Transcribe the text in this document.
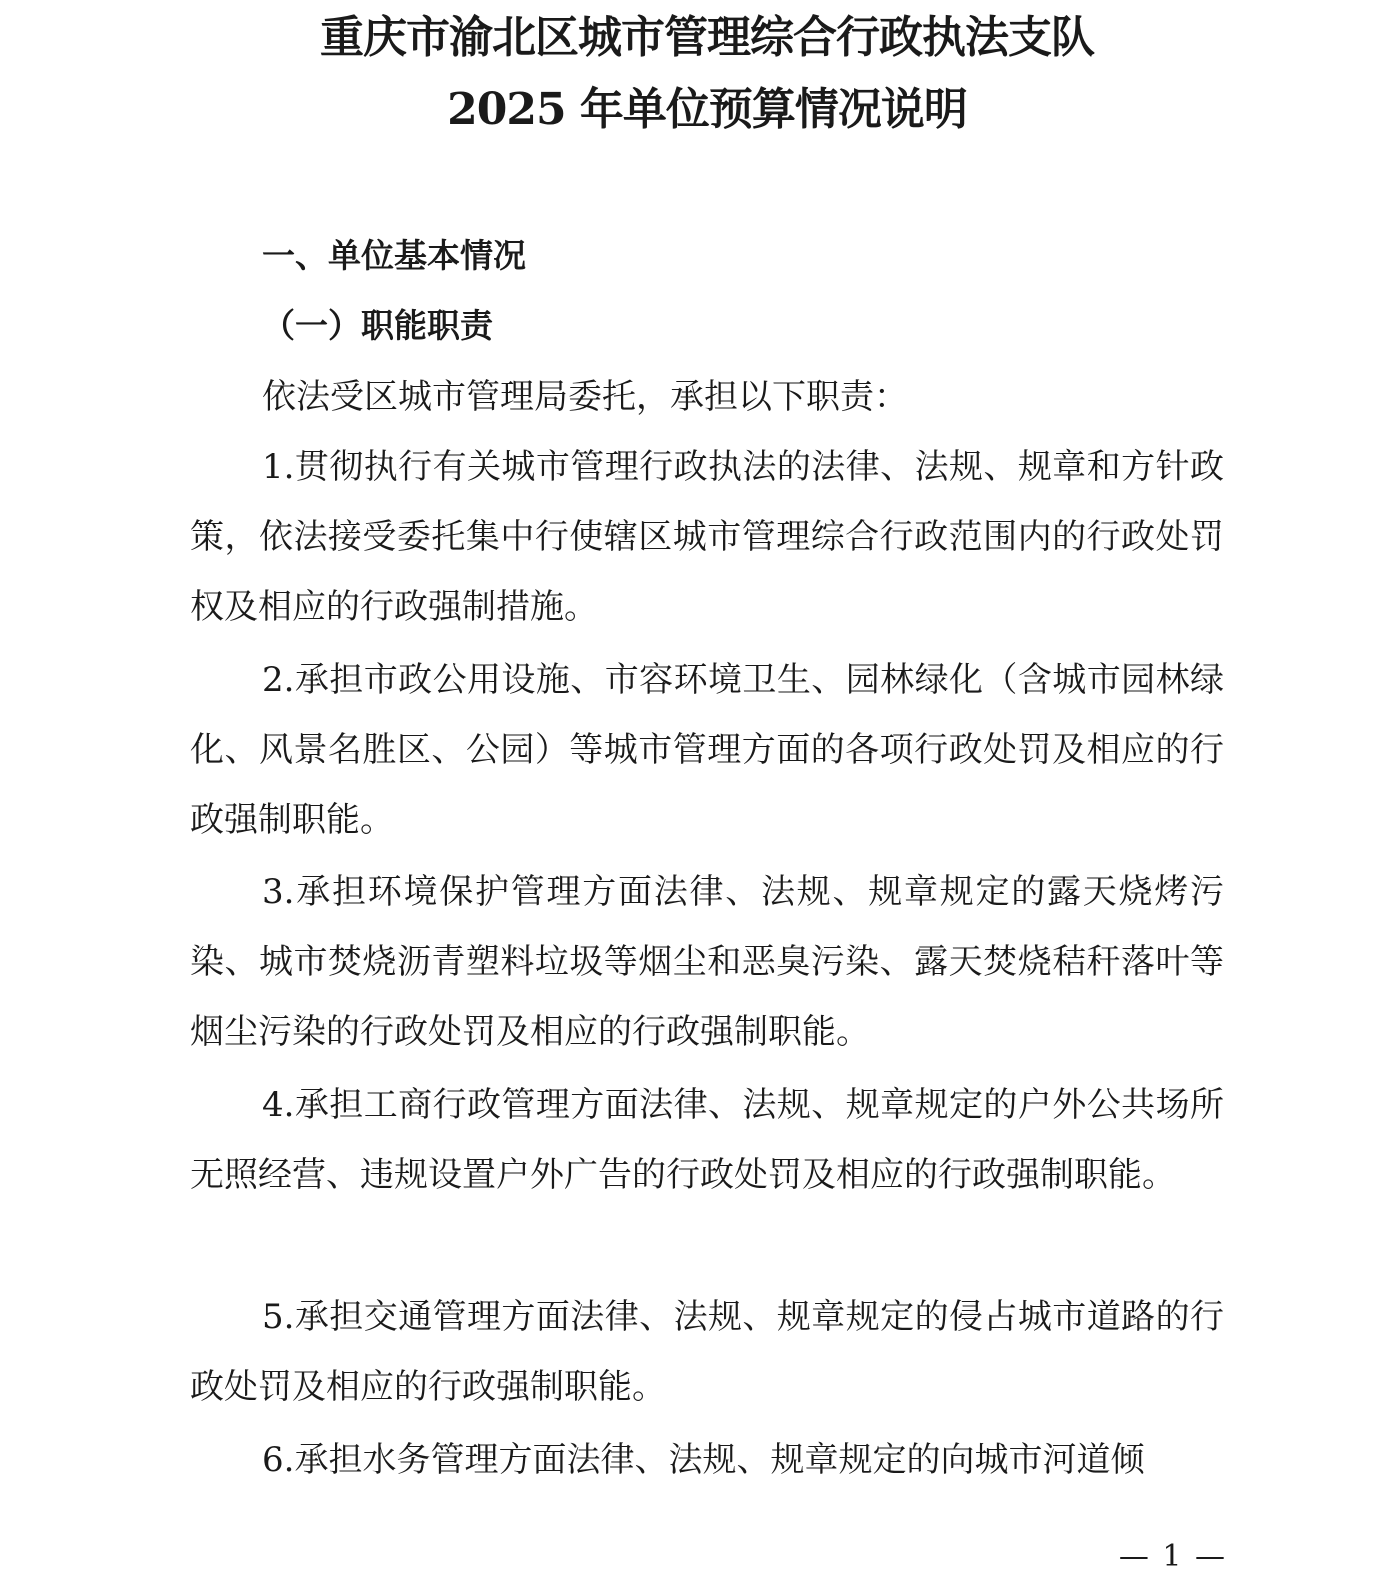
重庆市渝北区城市管理综合行政执法支队
2025 年单位预算情况说明
一、单位基本情况
（一）职能职责

依法受区城市管理局委托，承担以下职责：

1.贯彻执行有关城市管理行政执法的法律、法规、规章和方针政策，依法接受委托集中行使辖区城市管理综合行政范围内的行政处罚权及相应的行政强制措施。

2.承担市政公用设施、市容环境卫生、园林绿化（含城市园林绿化、风景名胜区、公园）等城市管理方面的各项行政处罚及相应的行政强制职能。

3.承担环境保护管理方面法律、法规、规章规定的露天烧烤污染、城市焚烧沥青塑料垃圾等烟尘和恶臭污染、露天焚烧秸秆落叶等烟尘污染的行政处罚及相应的行政强制职能。

4.承担工商行政管理方面法律、法规、规章规定的户外公共场所无照经营、违规设置户外广告的行政处罚及相应的行政强制职能。

5.承担交通管理方面法律、法规、规章规定的侵占城市道路的行政处罚及相应的行政强制职能。

6.承担水务管理方面法律、法规、规章规定的向城市河道倾

— 1 —
